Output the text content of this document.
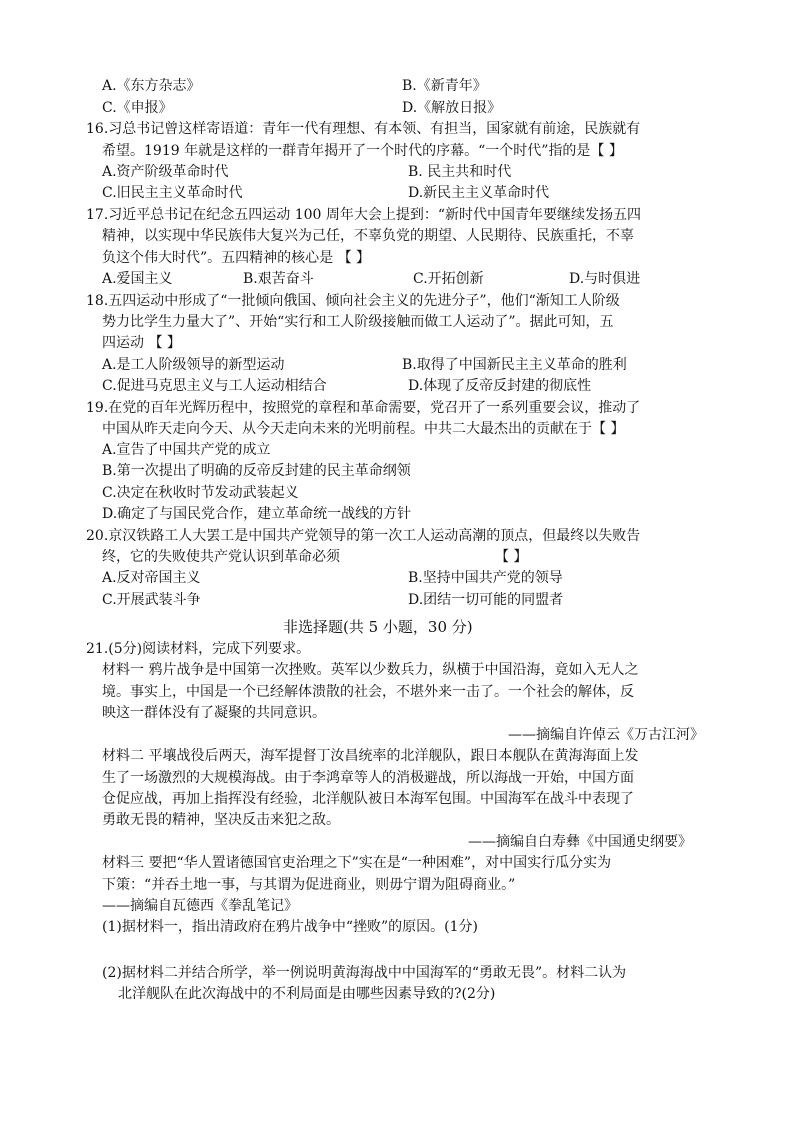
A.《东方杂志》	B.《新青年》
C.《申报》	D.《解放日报》
16.习总书记曾这样寄语道：青年一代有理想、有本领、有担当，国家就有前途，民族就有
希望。1919 年就是这样的一群青年揭开了一个时代的序幕。“一个时代”指的是【 】
A.资产阶级革命时代	B. 民主共和时代
C.旧民主主义革命时代	D.新民主主义革命时代
17.习近平总书记在纪念五四运动 100 周年大会上提到：“新时代中国青年要继续发扬五四
精神，以实现中华民族伟大复兴为己任，不辜负党的期望、人民期待、民族重托，不辜
负这个伟大时代”。五四精神的核心是 【 】
A.爱国主义	B.艰苦奋斗	C.开拓创新	D.与时俱进
18.五四运动中形成了“一批倾向俄国、倾向社会主义的先进分子”，他们“渐知工人阶级
势力比学生力量大了”、开始“实行和工人阶级接触而做工人运动了”。据此可知，五
四运动 【 】
A.是工人阶级领导的新型运动	B.取得了中国新民主主义革命的胜利
C.促进马克思主义与工人运动相结合	D.体现了反帝反封建的彻底性
19.在党的百年光辉历程中，按照党的章程和革命需要，党召开了一系列重要会议，推动了
中国从昨天走向今天、从今天走向未来的光明前程。中共二大最杰出的贡献在于【 】
A.宣告了中国共产党的成立
B.第一次提出了明确的反帝反封建的民主革命纲领
C.决定在秋收时节发动武装起义
D.确定了与国民党合作，建立革命统一战线的方针
20.京汉铁路工人大罢工是中国共产党领导的第一次工人运动高潮的顶点，但最终以失败告
终，它的失败使共产党认识到革命必须	【 】
A.反对帝国主义	B.坚持中国共产党的领导
C.开展武装斗争	D.团结一切可能的同盟者
非选择题(共 5 小题，30 分)
21.(5分)阅读材料，完成下列要求。
材料一 鸦片战争是中国第一次挫败。英军以少数兵力，纵横于中国沿海，竟如入无人之
境。事实上，中国是一个已经解体溃散的社会，不堪外来一击了。一个社会的解体，反
映这一群体没有了凝聚的共同意识。
——摘编自许倬云《万古江河》
材料二 平壤战役后两天，海军提督丁汝昌统率的北洋舰队，跟日本舰队在黄海海面上发
生了一场激烈的大规模海战。由于李鸿章等人的消极避战，所以海战一开始，中国方面
仓促应战，再加上指挥没有经验，北洋舰队被日本海军包围。中国海军在战斗中表现了
勇敢无畏的精神，坚决反击来犯之敌。
——摘编自白寿彝《中国通史纲要》
材料三 要把“华人置诸德国官吏治理之下”实在是“一种困难”，对中国实行瓜分实为
下策：“并吞土地一事，与其谓为促进商业，则毋宁谓为阻碍商业。”
——摘编自瓦德西《拳乱笔记》
(1)据材料一，指出清政府在鸦片战争中“挫败”的原因。(1分)
(2)据材料二并结合所学，举一例说明黄海海战中中国海军的“勇敢无畏”。材料二认为
北洋舰队在此次海战中的不利局面是由哪些因素导致的?(2分)
